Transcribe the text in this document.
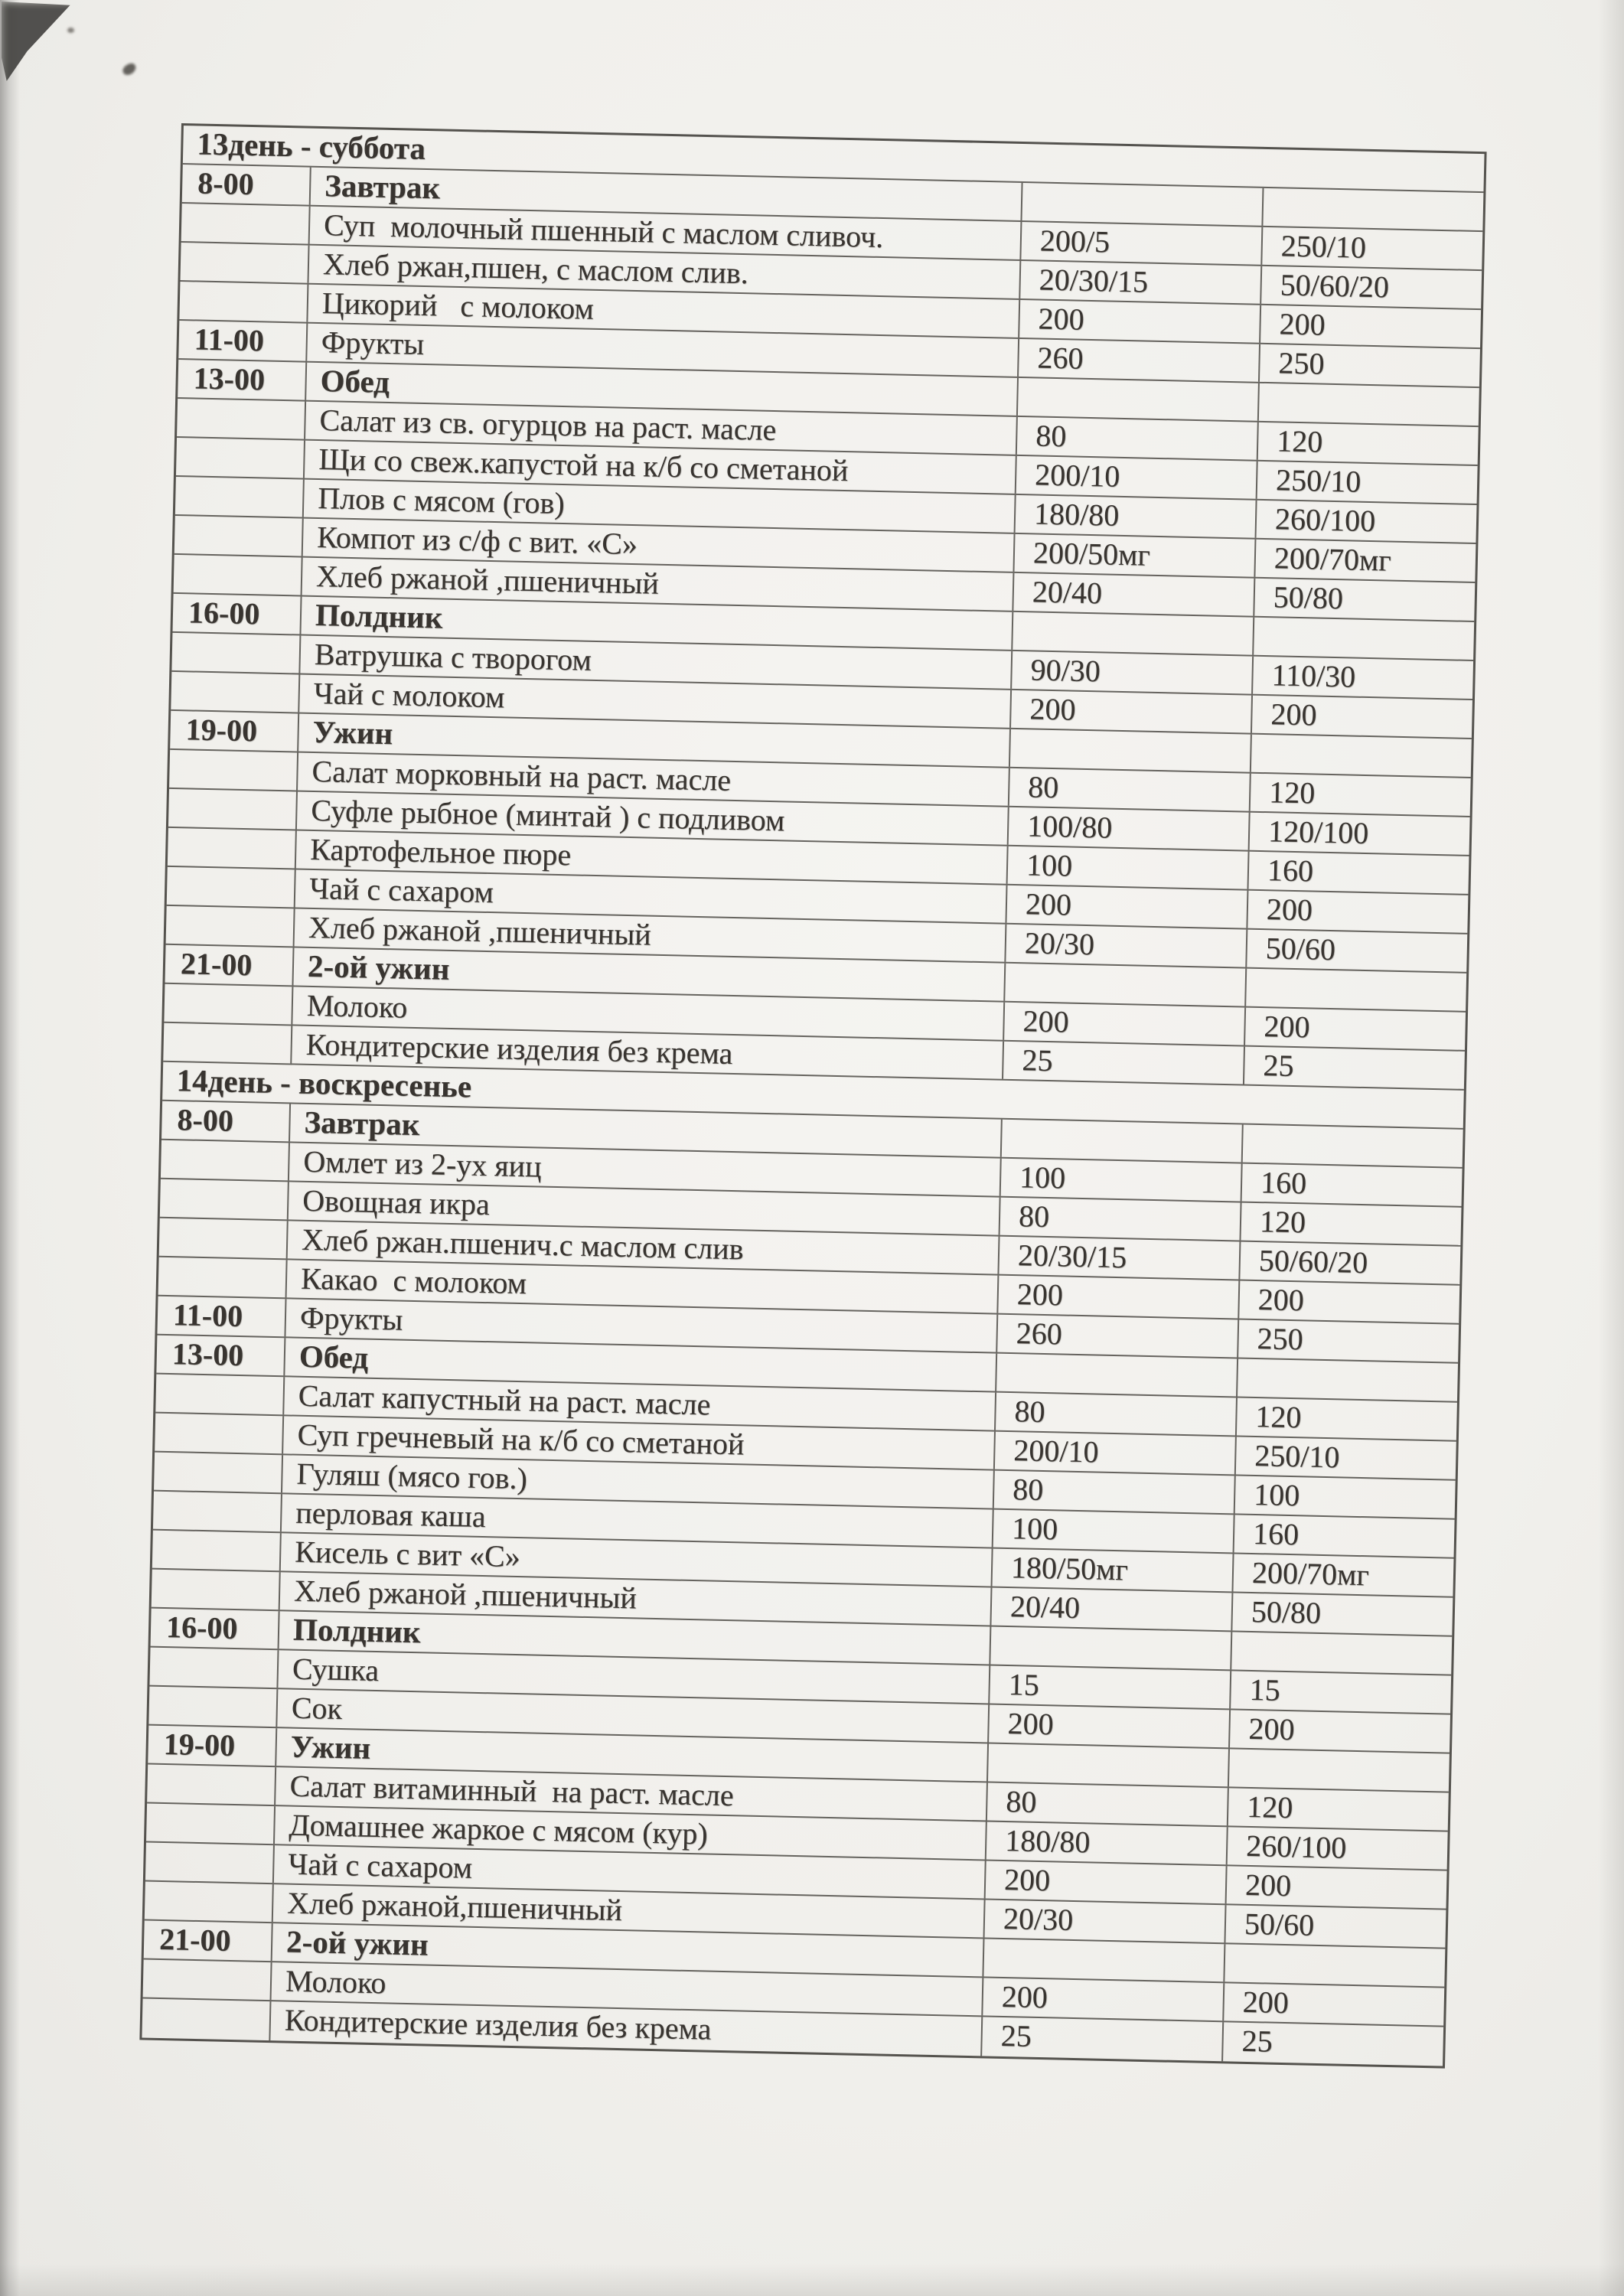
13день - суббота
8-00	Завтрак
Суп  молочный пшенный с маслом сливоч.	200/5	250/10
Хлеб ржан,пшен, с маслом слив.	20/30/15	50/60/20
Цикорий   с молоком	200	200
11-00	Фрукты	260	250
13-00	Обед
Салат из св. огурцов на раст. масле	80	120
Щи со свеж.капустой на к/б со сметаной	200/10	250/10
Плов с мясом (гов)	180/80	260/100
Компот из с/ф с вит. «С»	200/50мг	200/70мг
Хлеб ржаной ,пшеничный	20/40	50/80
16-00	Полдник
Ватрушка с творогом	90/30	110/30
Чай с молоком	200	200
19-00	Ужин
Салат морковный на раст. масле	80	120
Суфле рыбное (минтай ) с подливом	100/80	120/100
Картофельное пюре	100	160
Чай с сахаром	200	200
Хлеб ржаной ,пшеничный	20/30	50/60
21-00	2-ой ужин
Молоко	200	200
Кондитерские изделия без крема	25	25
14день - воскресенье
8-00	Завтрак
Омлет из 2-ух яиц	100	160
Овощная икра	80	120
Хлеб ржан.пшенич.с маслом слив	20/30/15	50/60/20
Какао  с молоком	200	200
11-00	Фрукты	260	250
13-00	Обед
Салат капустный на раст. масле	80	120
Суп гречневый на к/б со сметаной	200/10	250/10
Гуляш (мясо гов.)	80	100
перловая каша	100	160
Кисель с вит «С»	180/50мг	200/70мг
Хлеб ржаной ,пшеничный	20/40	50/80
16-00	Полдник
Сушка	15	15
Сок	200	200
19-00	Ужин
Салат витаминный  на раст. масле	80	120
Домашнее жаркое с мясом (кур)	180/80	260/100
Чай с сахаром	200	200
Хлеб ржаной,пшеничный	20/30	50/60
21-00	2-ой ужин
Молоко	200	200
Кондитерские изделия без крема	25	25
